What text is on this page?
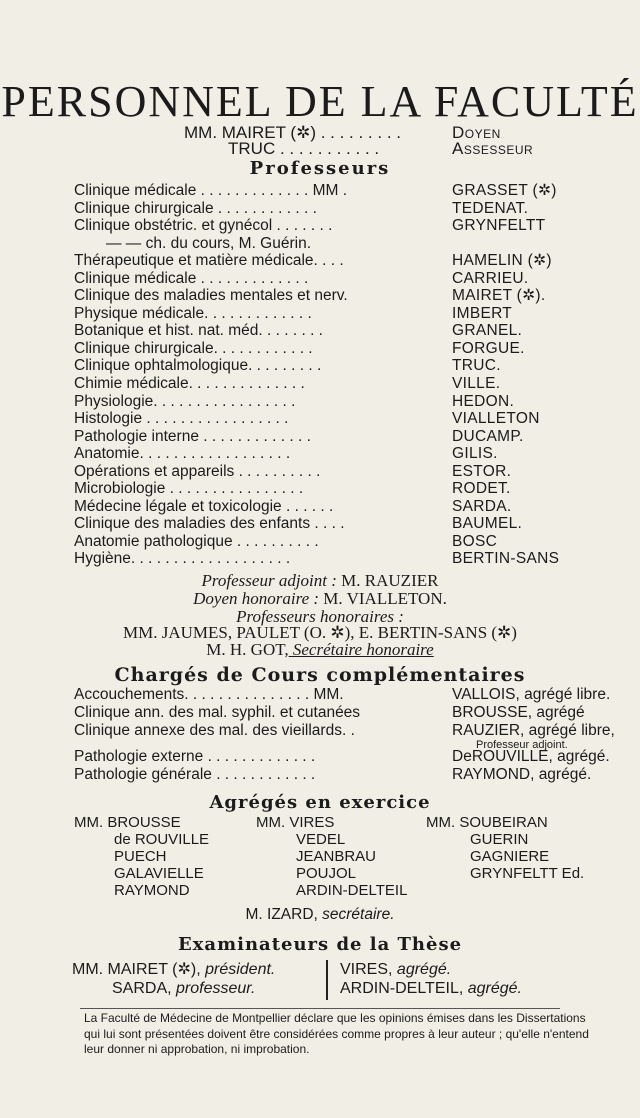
PERSONNEL DE LA FACULTÉ
MM. MAIRET (✲) . . . . . . . . .	Doyen
TRUC . . . . . . . . . . .	Assesseur
Professeurs
Clinique médicale . . . . . . . . . . . . . MM .	GRASSET (✲)
Clinique chirurgicale . . . . . . . . . . . .	TEDENAT.
Clinique obstétric. et gynécol . . . . . . .	GRYNFELTT
— — ch. du cours, M. Guérin.
Thérapeutique et matière médicale. . . .	HAMELIN (✲)
Clinique médicale . . . . . . . . . . . . .	CARRIEU.
Clinique des maladies mentales et nerv.	MAIRET (✲).
Physique médicale. . . . . . . . . . . . .	IMBERT
Botanique et hist. nat. méd. . . . . . . .	GRANEL.
Clinique chirurgicale. . . . . . . . . . . .	FORGUE.
Clinique ophtalmologique. . . . . . . . .	TRUC.
Chimie médicale. . . . . . . . . . . . . .	VILLE.
Physiologie. . . . . . . . . . . . . . . . .	HEDON.
Histologie . . . . . . . . . . . . . . . . .	VIALLETON
Pathologie interne . . . . . . . . . . . . .	DUCAMP.
Anatomie. . . . . . . . . . . . . . . . . .	GILIS.
Opérations et appareils . . . . . . . . . .	ESTOR.
Microbiologie . . . . . . . . . . . . . . . .	RODET.
Médecine légale et toxicologie . . . . . .	SARDA.
Clinique des maladies des enfants . . . .	BAUMEL.
Anatomie pathologique . . . . . . . . . .	BOSC
Hygiène. . . . . . . . . . . . . . . . . . .	BERTIN-SANS
Professeur adjoint : M. RAUZIER
Doyen honoraire : M. VIALLETON.
Professeurs honoraires :
MM. JAUMES, PAULET (O. ✲), E. BERTIN-SANS (✲)
M. H. GOT, Secrétaire honoraire
Chargés de Cours complémentaires
Accouchements. . . . . . . . . . . . . . . MM.	VALLOIS, agrégé libre.
Clinique ann. des mal. syphil. et cutanées	BROUSSE, agrégé
Clinique annexe des mal. des vieillards. .	RAUZIER, agrégé libre,
Professeur adjoint.
Pathologie externe . . . . . . . . . . . . .	DeROUVILLE, agrégé.
Pathologie générale . . . . . . . . . . . .	RAYMOND, agrégé.
Agrégés en exercice
MM. BROUSSE
de ROUVILLE
PUECH
GALAVIELLE
RAYMOND
MM. VIRES
VEDEL
JEANBRAU
POUJOL
ARDIN-DELTEIL
MM. SOUBEIRAN
GUERIN
GAGNIERE
GRYNFELTT Ed.
M. IZARD, secrétaire.
Examinateurs de la Thèse
MM. MAIRET (✲), président.
SARDA, professeur.
VIRES, agrégé.
ARDIN-DELTEIL, agrégé.
La Faculté de Médecine de Montpellier déclare que les opinions émises dans les Dissertations qui lui sont présentées doivent être considérées comme propres à leur auteur ; qu'elle n'entend leur donner ni approbation, ni improbation.
